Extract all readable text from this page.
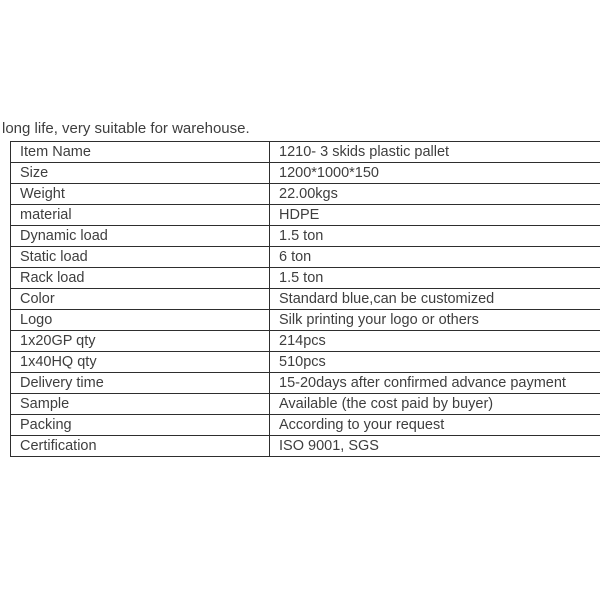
long life, very suitable for warehouse.
Item Name	1210- 3 skids plastic pallet
Size	1200*1000*150
Weight	22.00kgs
material	HDPE
Dynamic load	1.5 ton
Static load	6 ton
Rack load	1.5 ton
Color	Standard blue,can be customized
Logo	Silk printing your logo or others
1x20GP qty	214pcs
1x40HQ qty	510pcs
Delivery time	15-20days after confirmed advance payment
Sample	Available (the cost paid by buyer)
Packing	According to your request
Certification	ISO 9001, SGS
